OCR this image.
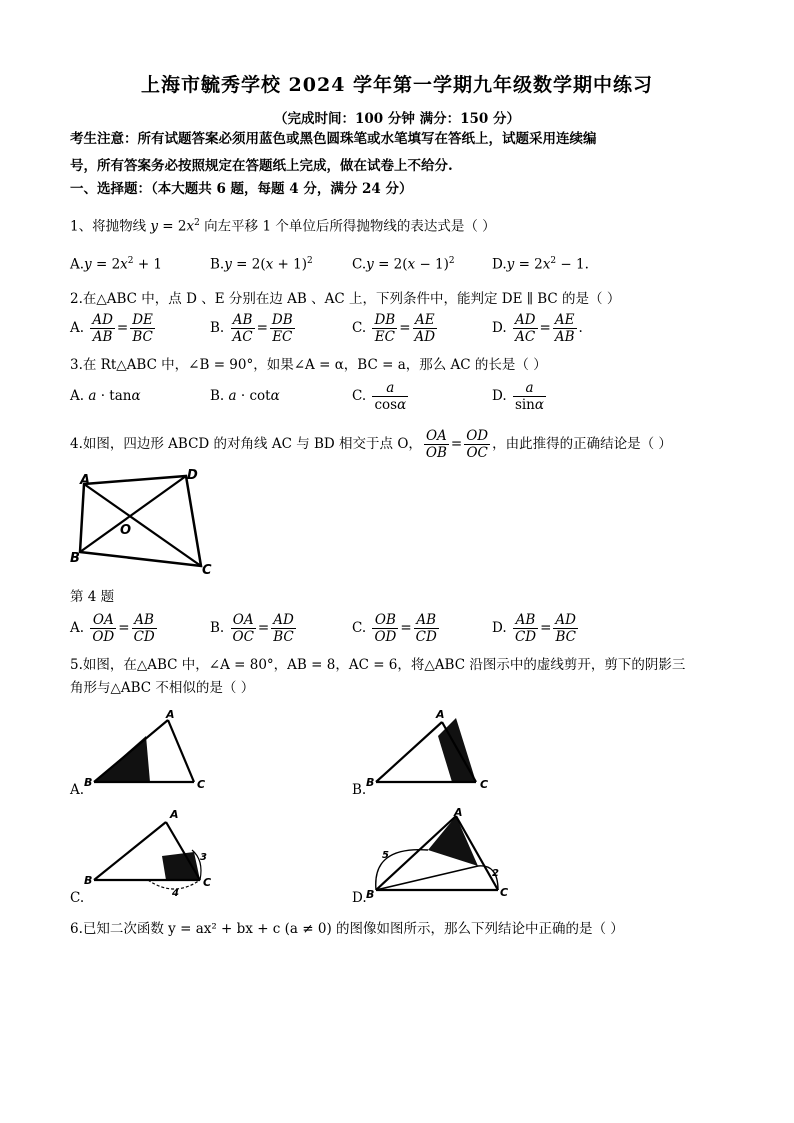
上海市毓秀学校 2024 学年第一学期九年级数学期中练习
（完成时间：100 分钟 满分：150 分）
考生注意：所有试题答案必须用蓝色或黑色圆珠笔或水笔填写在答纸上，试题采用连续编
号，所有答案务必按照规定在答题纸上完成，做在试卷上不给分.
一、选择题：（本大题共 6 题，每题 4 分，满分 24 分）
1、将抛物线 $y = 2x^2$ 向左平移 1 个单位后所得抛物线的表达式是（ ）
$A.y = 2x^2 + 1$	$B.y = 2(x + 1)^2$	$C.y = 2(x - 1)^2$	$D.y = 2x^2 - 1$.
2.在△ABC 中，点 D 、E 分别在边 AB 、AC 上，下列条件中，能判定 DE ∥ BC 的是（ ）
A. $\frac{AD}{AB} = \frac{DE}{BC}$	B. $\frac{AB}{AC} = \frac{DB}{EC}$	C. $\frac{DB}{EC} = \frac{AE}{AD}$	D. $\frac{AD}{AC} = \frac{AE}{AB}$ .
3.在 Rt△ABC 中，∠B = 90°，如果∠A = α，BC = a，那么 AC 的长是（ ）
A. a · tanα	B. a · cotα	C. $\frac{a}{\cos\alpha}$	D. $\frac{a}{\sin\alpha}$
4.如图，四边形 ABCD 的对角线 AC 与 BD 相交于点 O， $\frac{OA}{OB} = \frac{OD}{OC}$ ，由此推得的正确结论是（ ）
A	D
O
B
C
第 4 题
A. $\frac{OA}{OD} = \frac{AB}{CD}$	B. $\frac{OA}{OC} = \frac{AD}{BC}$	C. $\frac{OB}{OD} = \frac{AB}{CD}$	D. $\frac{AB}{CD} = \frac{AD}{BC}$
5.如图，在△ABC 中，∠A = 80°，AB = 8，AC = 6，将△ABC 沿图示中的虚线剪开，剪下的阴影三
角形与△ABC 不相似的是（ ）
A
B	C
A.
A
B	C
B.
A
B	C
3
4
C.
A
B	C
5
2
D.
6.已知二次函数 y = ax² + bx + c (a ≠ 0) 的图像如图所示，那么下列结论中正确的是（ ）
